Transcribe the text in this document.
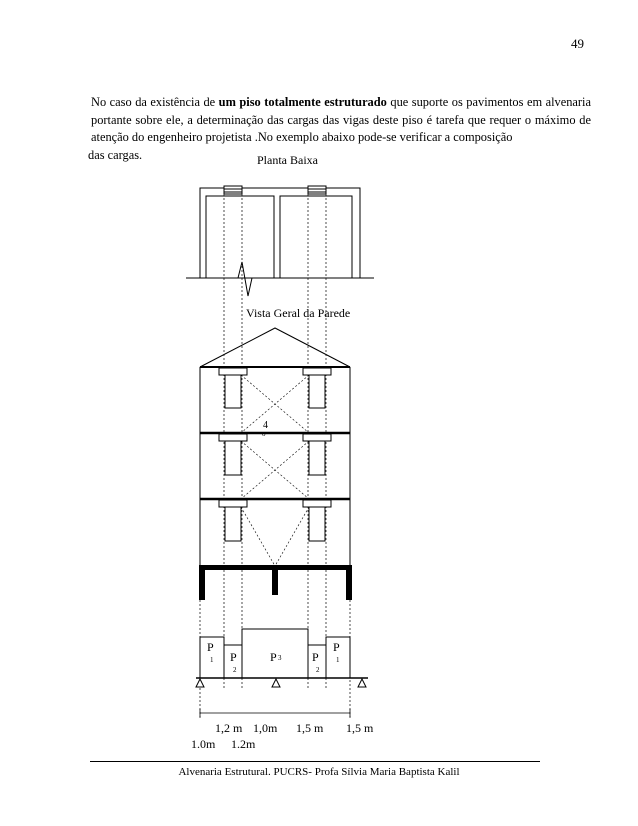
49
No caso da existência de um piso totalmente estruturado que suporte os pavimentos em alvenaria portante sobre ele, a determinação das cargas das vigas deste piso é tarefa que requer o máximo de atenção do engenheiro projetista .No exemplo abaixo pode-se verificar a composição
das cargas.	Planta Baixa
Vista Geral da Parede
4
o
P
1 P
2
P 3	P
2
P
1
1,2 m 1,0m 1,5 m 1,5 m
1.0m 1.2m
Alvenaria Estrutural. PUCRS- Profa Sílvia Maria Baptista Kalil
